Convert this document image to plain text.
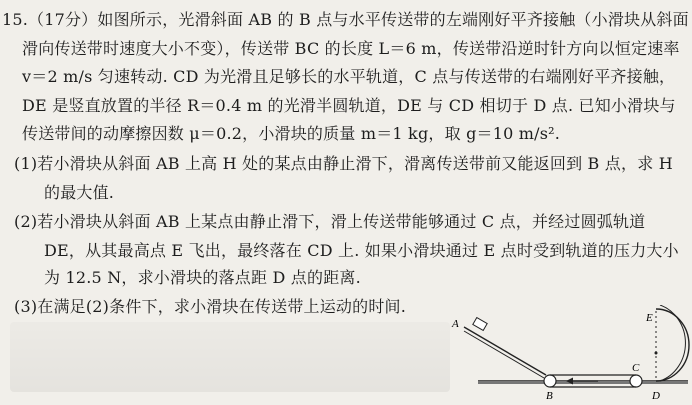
15.（17分）如图所示，光滑斜面 AB 的 B 点与水平传送带的左端刚好平齐接触（小滑块从斜面
滑向传送带时速度大小不变），传送带 BC 的长度 L＝6 m，传送带沿逆时针方向以恒定速率
v＝2 m/s 匀速转动. CD 为光滑且足够长的水平轨道，C 点与传送带的右端刚好平齐接触，
DE 是竖直放置的半径 R＝0.4 m 的光滑半圆轨道，DE 与 CD 相切于 D 点. 已知小滑块与
传送带间的动摩擦因数 μ＝0.2，小滑块的质量 m＝1 kg，取 g＝10 m/s².
(1)若小滑块从斜面 AB 上高 H 处的某点由静止滑下，滑离传送带前又能返回到 B 点，求 H
的最大值.
(2)若小滑块从斜面 AB 上某点由静止滑下，滑上传送带能够通过 C 点，并经过圆弧轨道
DE，从其最高点 E 飞出，最终落在 CD 上. 如果小滑块通过 E 点时受到轨道的压力大小
为 12.5 N，求小滑块的落点距 D 点的距离.
(3)在满足(2)条件下，求小滑块在传送带上运动的时间.
A
B
C
D
E
